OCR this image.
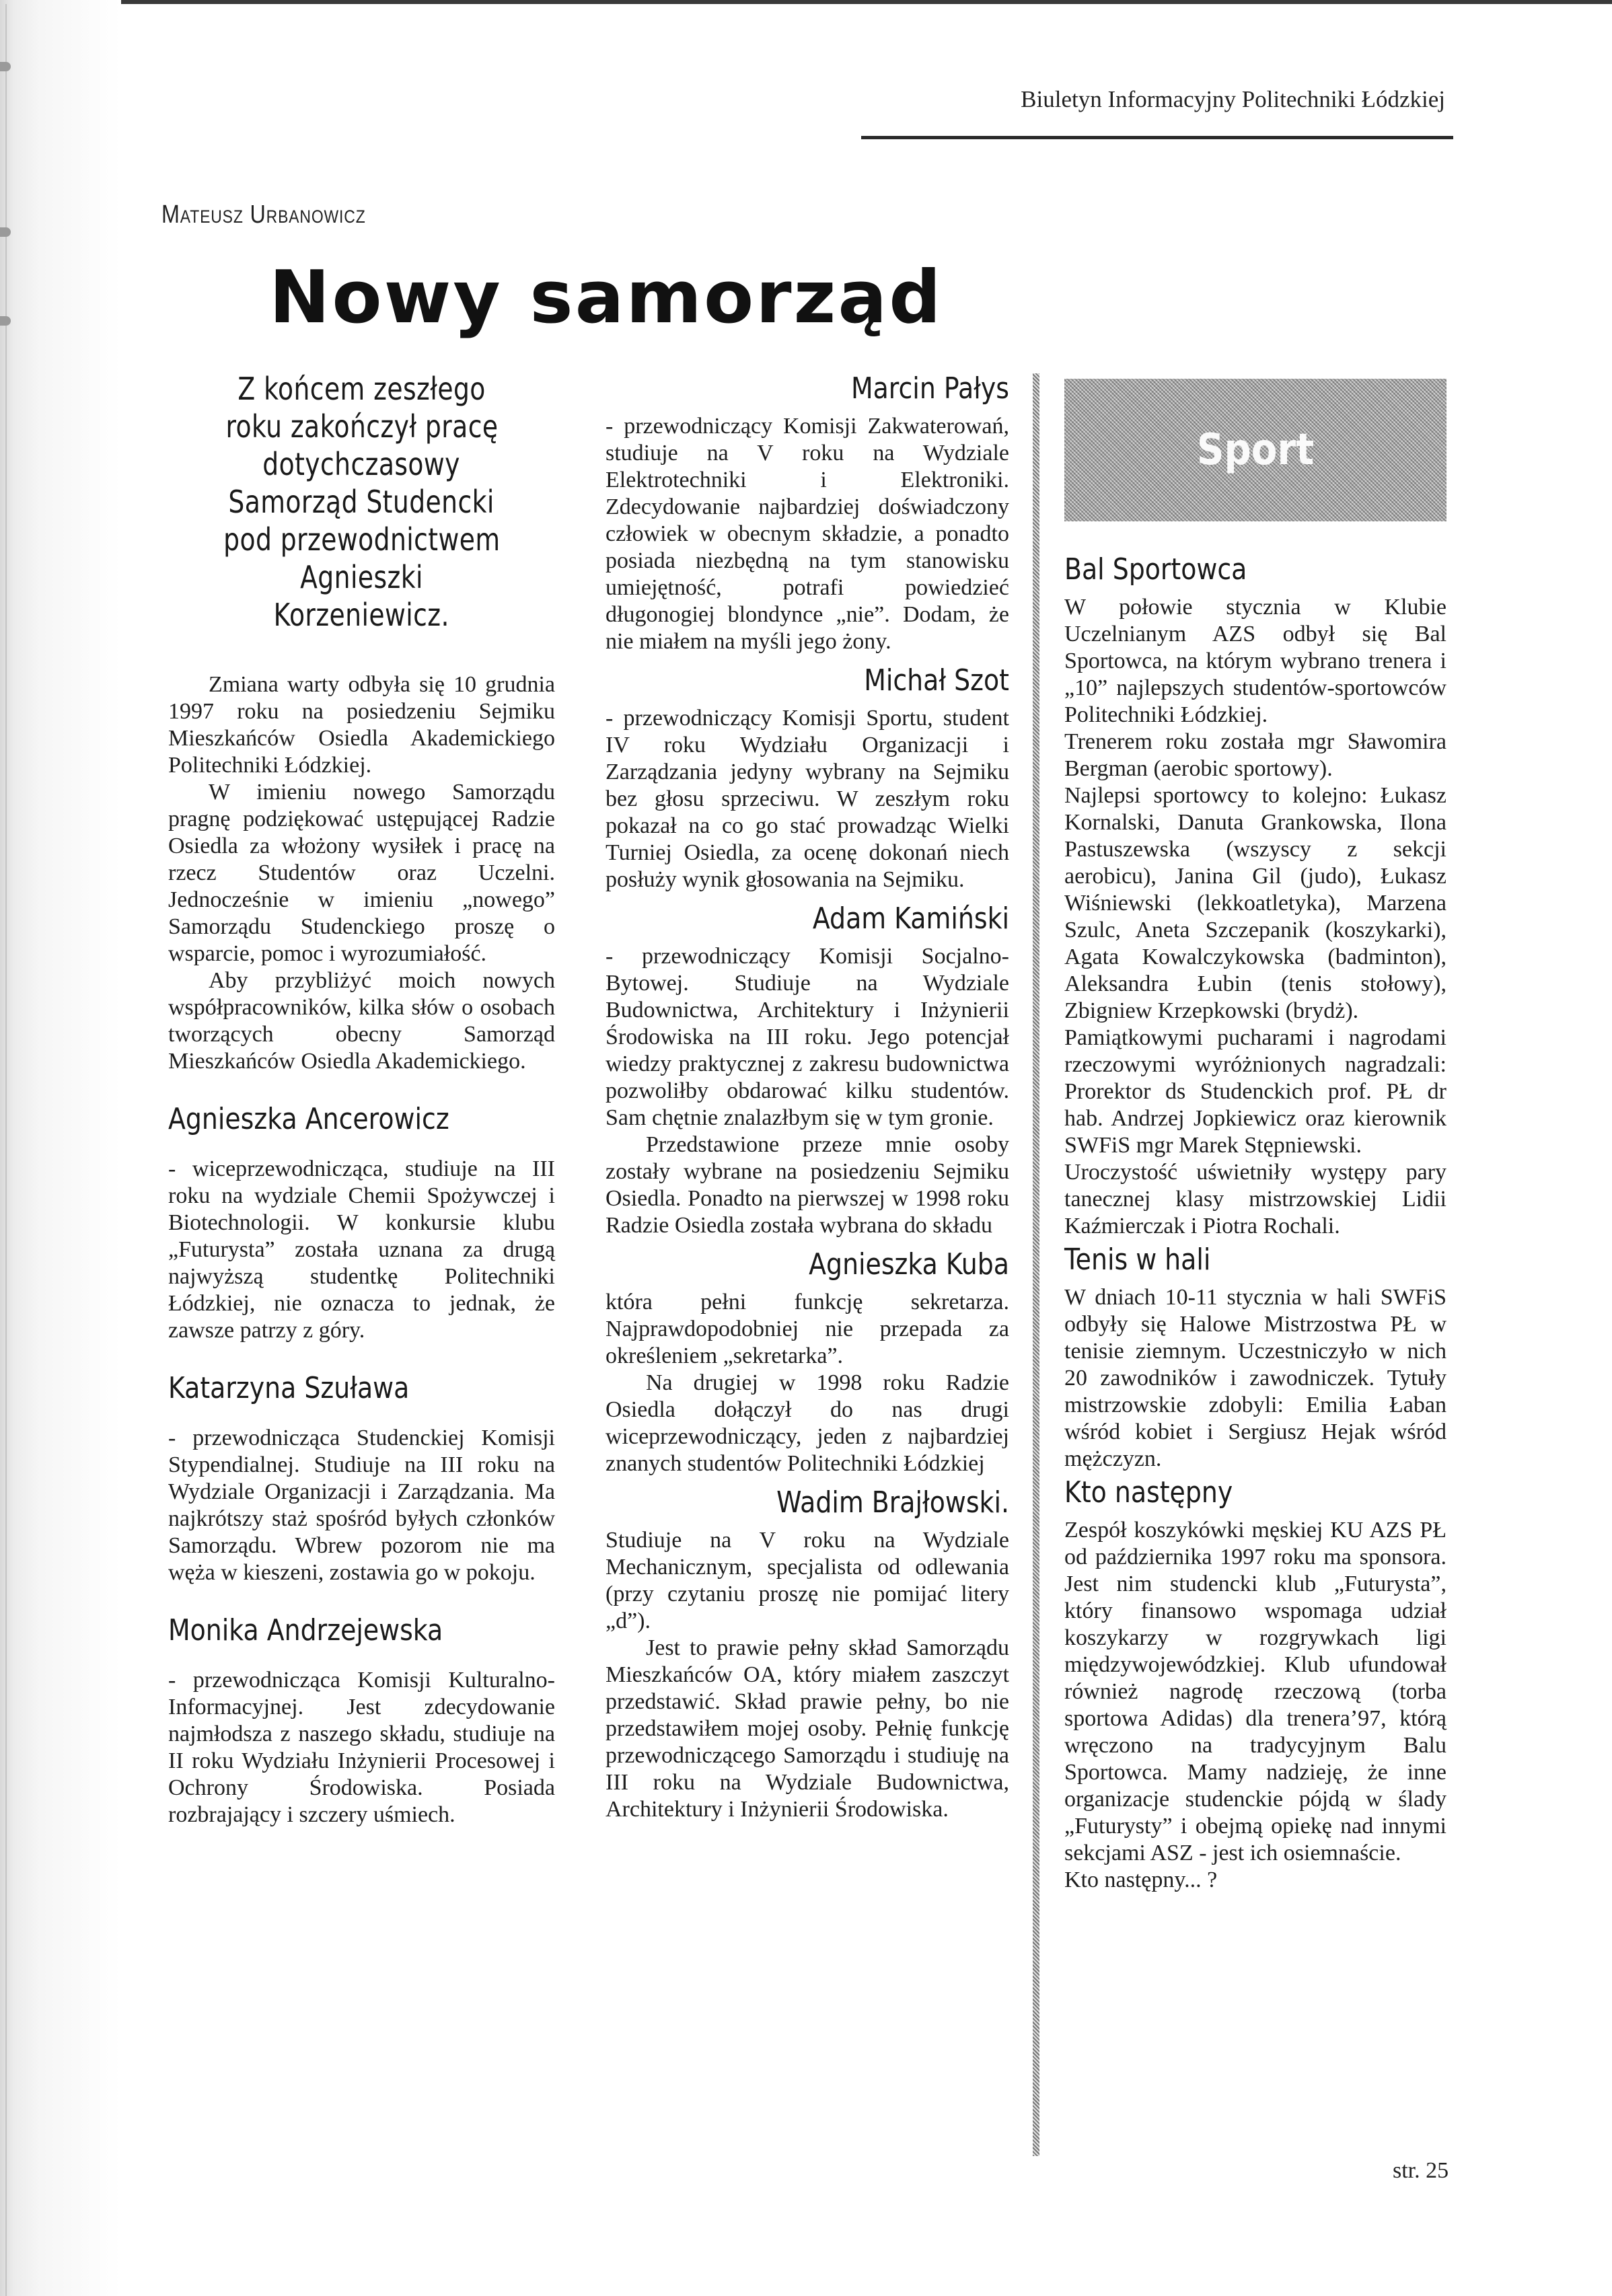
Biuletyn Informacyjny Politechniki Łódzkiej
Mateusz Urbanowicz
Nowy samorząd

Z końcem zeszłego
roku zakończył pracę
dotychczasowy
Samorząd Studencki
pod przewodnictwem
Agnieszki
Korzeniewicz.

Zmiana warty odbyła się 10 grudnia 1997 roku na posiedzeniu Sejmiku Mieszkańców Osiedla Akademickiego Politechniki Łódzkiej.

W imieniu nowego Samorządu pragnę podziękować ustępującej Radzie Osiedla za włożony wysiłek i pracę na rzecz Studentów oraz Uczelni. Jednocześnie w imieniu „nowego” Samorządu Studenckiego proszę o wsparcie, pomoc i wyrozumiałość.

Aby przybliżyć moich nowych współpracowników, kilka słów o osobach tworzących obecny Samorząd Mieszkańców Osiedla Akademickiego.

Agnieszka Ancerowicz

- wiceprzewodnicząca, studiuje na III roku na wydziale Chemii Spożywczej i Biotechnologii. W konkursie klubu „Futurysta” została uznana za drugą najwyższą studentkę Politechniki Łódzkiej, nie oznacza to jednak, że zawsze patrzy z góry.

Katarzyna Szuława

- przewodnicząca Studenckiej Komisji Stypendialnej. Studiuje na III roku na Wydziale Organizacji i Zarządzania. Ma najkrótszy staż spośród byłych członków Samorządu. Wbrew pozorom nie ma węża w kieszeni, zostawia go w pokoju.

Monika Andrzejewska

- przewodnicząca Komisji Kulturalno-Informacyjnej. Jest zdecydowanie najmłodsza z naszego składu, studiuje na II roku Wydziału Inżynierii Procesowej i Ochrony Środowiska. Posiada rozbrajający i szczery uśmiech.

Marcin Pałys

- przewodniczący Komisji Zakwaterowań, studiuje na V roku na Wydziale Elektrotechniki i Elektroniki. Zdecydowanie najbardziej doświadczony człowiek w obecnym składzie, a ponadto posiada niezbędną na tym stanowisku umiejętność, potrafi powiedzieć długonogiej blondynce „nie”. Dodam, że nie miałem na myśli jego żony.

Michał Szot

- przewodniczący Komisji Sportu, student IV roku Wydziału Organizacji i Zarządzania jedyny wybrany na Sejmiku bez głosu sprzeciwu. W zeszłym roku pokazał na co go stać prowadząc Wielki Turniej Osiedla, za ocenę dokonań niech posłuży wynik głosowania na Sejmiku.

Adam Kamiński

- przewodniczący Komisji Socjalno-Bytowej. Studiuje na Wydziale Budownictwa, Architektury i Inżynierii Środowiska na III roku. Jego potencjał wiedzy praktycznej z zakresu budownictwa pozwoliłby obdarować kilku studentów. Sam chętnie znalazłbym się w tym gronie.

Przedstawione przeze mnie osoby zostały wybrane na posiedzeniu Sejmiku Osiedla. Ponadto na pierwszej w 1998 roku Radzie Osiedla została wybrana do składu

Agnieszka Kuba

która pełni funkcję sekretarza. Najprawdopodobniej nie przepada za określeniem „sekretarka”.

Na drugiej w 1998 roku Radzie Osiedla dołączył do nas drugi wiceprzewodniczący, jeden z najbardziej znanych studentów Politechniki Łódzkiej

Wadim Brajłowski.

Studiuje na V roku na Wydziale Mechanicznym, specjalista od odlewania (przy czytaniu proszę nie pomijać litery „d”).

Jest to prawie pełny skład Samorządu Mieszkańców OA, który miałem zaszczyt przedstawić. Skład prawie pełny, bo nie przedstawiłem mojej osoby. Pełnię funkcję przewodniczącego Samorządu i studiuję na III roku na Wydziale Budownictwa, Architektury i Inżynierii Środowiska.

Sport
Bal Sportowca

W połowie stycznia w Klubie Uczelnianym AZS odbył się Bal Sportowca, na którym wybrano trenera i „10” najlepszych studentów-sportowców Politechniki Łódzkiej.

Trenerem roku została mgr Sławomira Bergman (aerobic sportowy).

Najlepsi sportowcy to kolejno: Łukasz Kornalski, Danuta Grankowska, Ilona Pastuszewska (wszyscy z sekcji aerobicu), Janina Gil (judo), Łukasz Wiśniewski (lekkoatletyka), Marzena Szulc, Aneta Szczepanik (koszykarki), Agata Kowalczykowska (badminton), Aleksandra Łubin (tenis stołowy), Zbigniew Krzepkowski (brydż).

Pamiątkowymi pucharami i nagrodami rzeczowymi wyróżnionych nagradzali: Prorektor ds Studenckich prof. PŁ dr hab. Andrzej Jopkiewicz oraz kierownik SWFiS mgr Marek Stępniewski.

Uroczystość uświetniły występy pary tanecznej klasy mistrzowskiej Lidii Kaźmierczak i Piotra Rochali.

Tenis w hali

W dniach 10-11 stycznia w hali SWFiS odbyły się Halowe Mistrzostwa PŁ w tenisie ziemnym. Uczestniczyło w nich 20 zawodników i zawodniczek. Tytuły mistrzowskie zdobyli: Emilia Łaban wśród kobiet i Sergiusz Hejak wśród mężczyzn.

Kto następny

Zespół koszykówki męskiej KU AZS PŁ od października 1997 roku ma sponsora. Jest nim studencki klub „Futurysta”, który finansowo wspomaga udział koszykarzy w rozgrywkach ligi międzywojewódzkiej. Klub ufundował również nagrodę rzeczową (torba sportowa Adidas) dla trenera’97, którą wręczono na tradycyjnym Balu Sportowca. Mamy nadzieję, że inne organizacje studenckie pójdą w ślady „Futurysty” i obejmą opiekę nad innymi sekcjami ASZ - jest ich osiemnaście.

Kto następny... ?

str. 25
